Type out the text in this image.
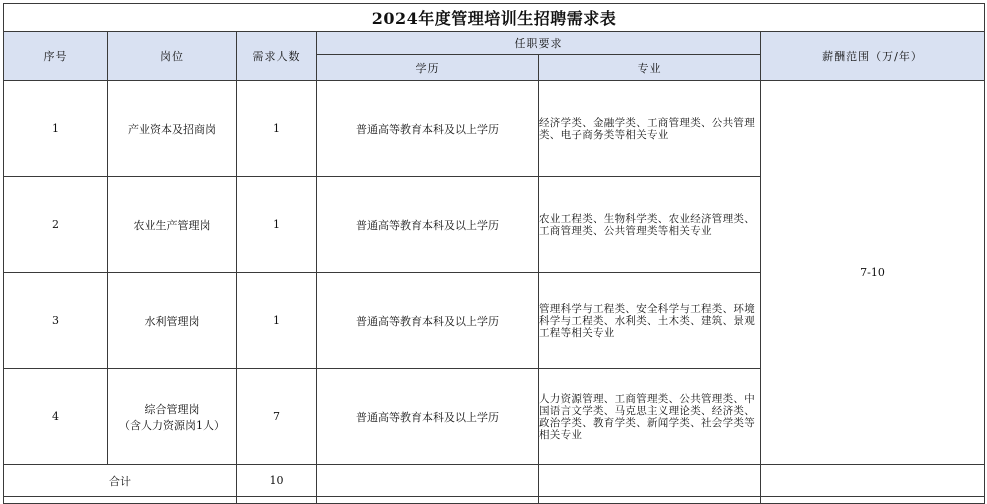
2024年度管理培训生招聘需求表					
序号	岗位	需求人数	任职要求		薪酬范围（万/年）
			学历	专业	
1	产业资本及招商岗	1	普通高等教育本科及以上学历	经济学类、金融学类、工商管理类、公共管理类、电子商务类等相关专业	7-10
2	农业生产管理岗	1	普通高等教育本科及以上学历	农业工程类、生物科学类、农业经济管理类、工商管理类、公共管理类等相关专业	
3	水利管理岗	1	普通高等教育本科及以上学历	管理科学与工程类、安全科学与工程类、环境科学与工程类、水利类、土木类、建筑、景观工程等相关专业	
4	综合管理岗
（含人力资源岗1人）	7	普通高等教育本科及以上学历	人力资源管理、工商管理类、公共管理类、中国语言文学类、马克思主义理论类、经济类、政治学类、教育学类、新闻学类、社会学类等相关专业	
合计		10			
